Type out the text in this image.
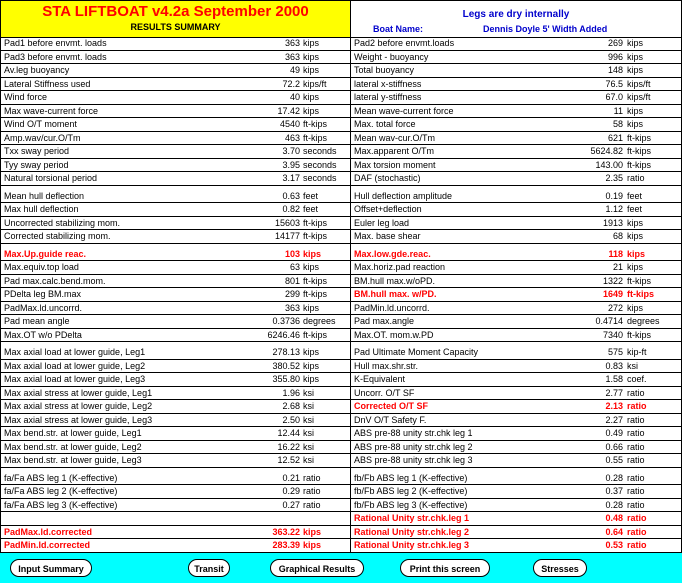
STA LIFTBOAT v4.2a September 2000
RESULTS SUMMARY
Legs are dry internally
Boat Name:	Dennis Doyle 5' Width Added
Pad1 before envmt. loads	363 kips
Pad3 before envmt. loads	363 kips
Av.leg buoyancy	49 kips
Lateral Stiffness used	72.2 kips/ft
Wind force	40 kips
Max wave-current force	17.42 kips
Wind O/T moment	4540 ft-kips
Amp.wav/cur.O/Tm	463 ft-kips
Txx sway period	3.70 seconds
Tyy sway period	3.95 seconds
Natural torsional period	3.17 seconds
Mean hull deflection	0.63 feet
Max hull deflection	0.82 feet
Uncorrected stabilizing mom.	15603 ft-kips
Corrected stabilizing mom.	14177 ft-kips
Max.Up.guide reac.	103 kips
Max.equiv.top load	63 kips
Pad max.calc.bend.mom.	801 ft-kips
PDelta leg BM.max	299 ft-kips
PadMax.ld.uncorrd.	363 kips
Pad mean angle	0.3736 degrees
Max.OT w/o PDelta	6246.46 ft-kips
Max axial load at lower guide, Leg1	278.13 kips
Max axial load at lower guide, Leg2	380.52 kips
Max axial load at lower guide, Leg3	355.80 kips
Max axial stress at lower guide, Leg1	1.96 ksi
Max axial stress at lower guide, Leg2	2.68 ksi
Max axial stress at lower guide, Leg3	2.50 ksi
Max bend.str. at lower guide, Leg1	12.44 ksi
Max bend.str. at lower guide, Leg2	16.22 ksi
Max bend.str. at lower guide, Leg3	12.52 ksi
fa/Fa ABS leg 1 (K-effective)	0.21 ratio
fa/Fa ABS leg 2 (K-effective)	0.29 ratio
fa/Fa ABS leg 3 (K-effective)	0.27 ratio
PadMax.ld.corrected	363.22 kips
PadMin.ld.corrected	283.39 kips
Pad2 before envmt.loads	269 kips
Weight - buoyancy	996 kips
Total buoyancy	148 kips
lateral x-stiffness	76.5 kips/ft
lateral y-stiffness	67.0 kips/ft
Mean wave-current force	11 kips
Max. total force	58 kips
Mean wav-cur.O/Tm	621 ft-kips
Max.apparent O/Tm	5624.82 ft-kips
Max torsion moment	143.00 ft-kips
DAF (stochastic)	2.35 ratio
Hull deflection amplitude	0.19 feet
Offset+deflection	1.12 feet
Euler leg load	1913 kips
Max. base shear	68 kips
Max.low.gde.reac.	118 kips
Max.horiz.pad reaction	21 kips
BM.hull max.w/oPD.	1322 ft-kips
BM.hull max. w/PD.	1649 ft-kips
PadMin.ld.uncorrd.	272 kips
Pad max.angle	0.4714 degrees
Max.OT. mom.w.PD	7340 ft-kips
Pad Ultimate Moment Capacity	575 kip-ft
Hull max.shr.str.	0.83 ksi
K-Equivalent	1.58 coef.
Uncorr. O/T SF	2.77 ratio
Corrected O/T SF	2.13 ratio
DnV O/T Safety F.	2.27 ratio
ABS pre-88 unity str.chk leg 1	0.49 ratio
ABS pre-88 unity str.chk leg 2	0.66 ratio
ABS pre-88 unity str.chk leg 3	0.55 ratio
fb/Fb ABS leg 1 (K-effective)	0.28 ratio
fb/Fb ABS leg 2 (K-effective)	0.37 ratio
fb/Fb ABS leg 3 (K-effective)	0.28 ratio
Rational Unity str.chk.leg 1	0.48 ratio
Rational Unity str.chk.leg 2	0.64 ratio
Rational Unity str.chk.leg 3	0.53 ratio
Input Summary	Transit	Graphical Results	Print this screen	Stresses
